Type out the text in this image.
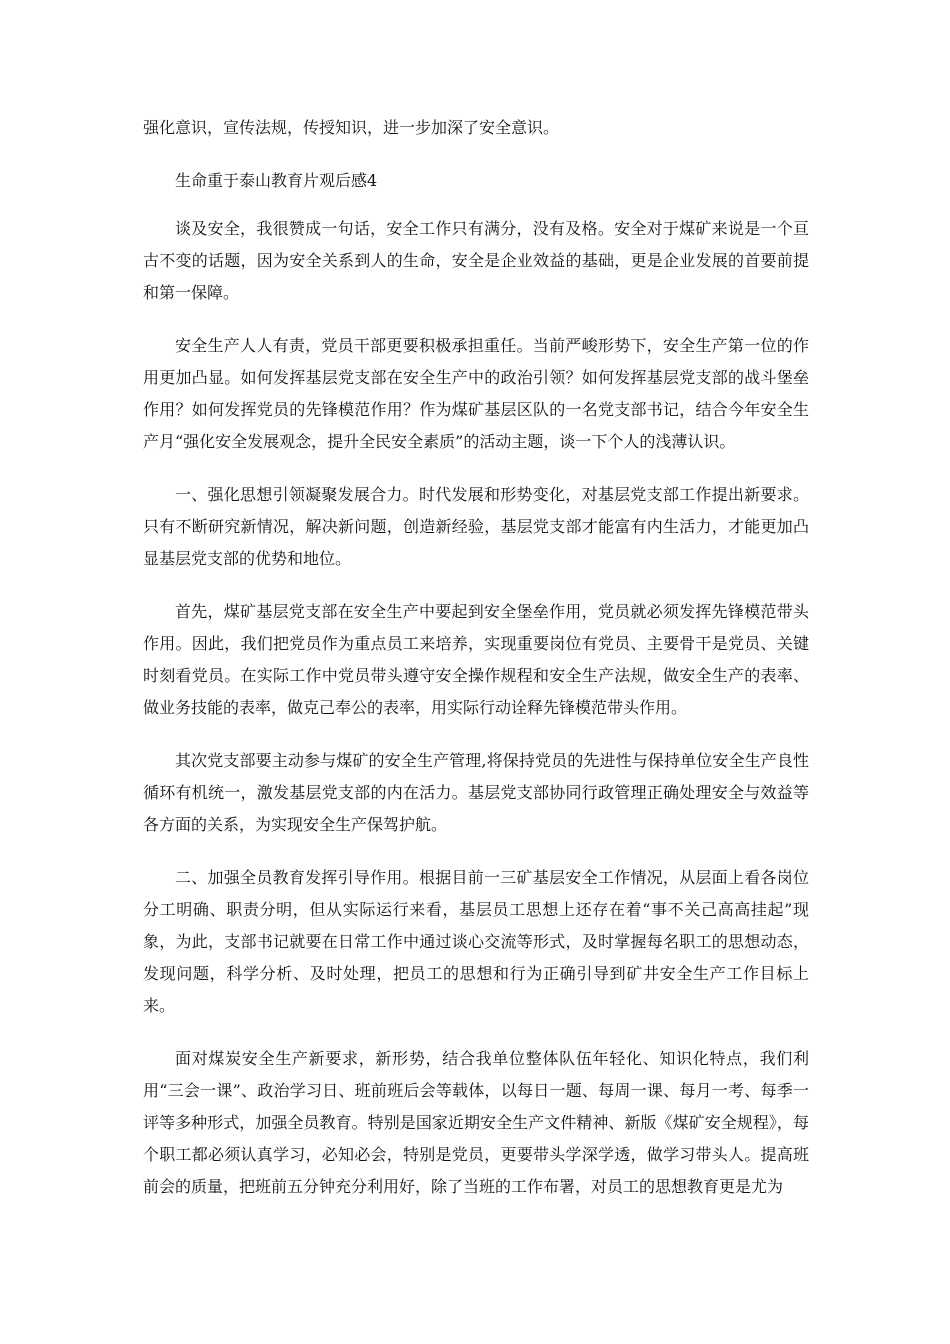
强化意识，宣传法规，传授知识，进一步加深了安全意识。

生命重于泰山教育片观后感4

谈及安全，我很赞成一句话，安全工作只有满分，没有及格。安全对于煤矿来说是一个亘古不变的话题，因为安全关系到人的生命，安全是企业效益的基础，更是企业发展的首要前提和第一保障。

安全生产人人有责，党员干部更要积极承担重任。当前严峻形势下，安全生产第一位的作用更加凸显。如何发挥基层党支部在安全生产中的政治引领？如何发挥基层党支部的战斗堡垒作用？如何发挥党员的先锋模范作用？作为煤矿基层区队的一名党支部书记，结合今年安全生产月“强化安全发展观念，提升全民安全素质”的活动主题，谈一下个人的浅薄认识。

一、强化思想引领凝聚发展合力。时代发展和形势变化，对基层党支部工作提出新要求。只有不断研究新情况，解决新问题，创造新经验，基层党支部才能富有内生活力，才能更加凸显基层党支部的优势和地位。

首先，煤矿基层党支部在安全生产中要起到安全堡垒作用，党员就必须发挥先锋模范带头作用。因此，我们把党员作为重点员工来培养，实现重要岗位有党员、主要骨干是党员、关键时刻看党员。在实际工作中党员带头遵守安全操作规程和安全生产法规，做安全生产的表率、做业务技能的表率，做克己奉公的表率，用实际行动诠释先锋模范带头作用。

其次党支部要主动参与煤矿的安全生产管理,将保持党员的先进性与保持单位安全生产良性循环有机统一，激发基层党支部的内在活力。基层党支部协同行政管理正确处理安全与效益等各方面的关系，为实现安全生产保驾护航。

二、加强全员教育发挥引导作用。根据目前一三矿基层安全工作情况，从层面上看各岗位分工明确、职责分明，但从实际运行来看，基层员工思想上还存在着“事不关己高高挂起”现象，为此，支部书记就要在日常工作中通过谈心交流等形式，及时掌握每名职工的思想动态，发现问题，科学分析、及时处理，把员工的思想和行为正确引导到矿井安全生产工作目标上来。

面对煤炭安全生产新要求，新形势，结合我单位整体队伍年轻化、知识化特点，我们利用“三会一课”、政治学习日、班前班后会等载体，以每日一题、每周一课、每月一考、每季一评等多种形式，加强全员教育。特别是国家近期安全生产文件精神、新版《煤矿安全规程》，每个职工都必须认真学习，必知必会，特别是党员，更要带头学深学透，做学习带头人。提高班前会的质量，把班前五分钟充分利用好，除了当班的工作布署，对员工的思想教育更是尤为
